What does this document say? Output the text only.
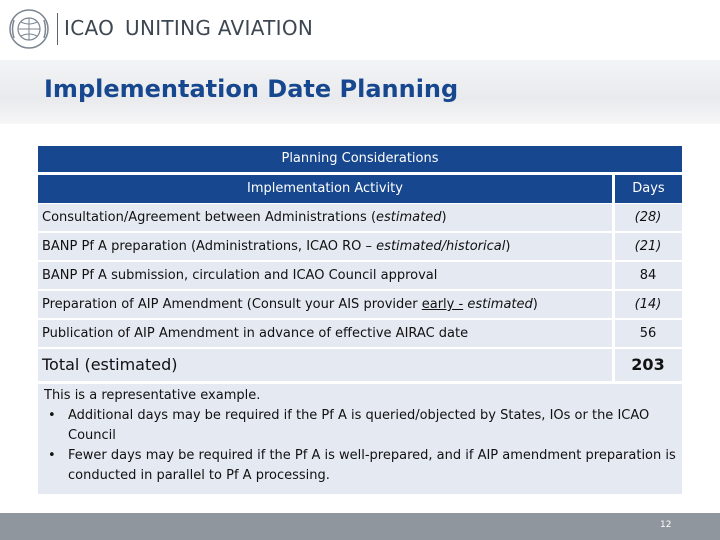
ICAO UNITING AVIATION
Implementation Date Planning
Planning Considerations
Implementation Activity	Days
Consultation/Agreement between Administrations (estimated)	(28)
BANP Pf A preparation (Administrations, ICAO RO – estimated/historical)	(21)
BANP Pf A submission, circulation and ICAO Council approval	84
Preparation of AIP Amendment (Consult your AIS provider early - estimated)	(14)
Publication of AIP Amendment in advance of effective AIRAC date	56
Total (estimated)	203
This is a representative example.
• Additional days may be required if the Pf A is queried/objected by States, IOs or the ICAO Council
• Fewer days may be required if the Pf A is well-prepared, and if AIP amendment preparation is conducted in parallel to Pf A processing.
12
